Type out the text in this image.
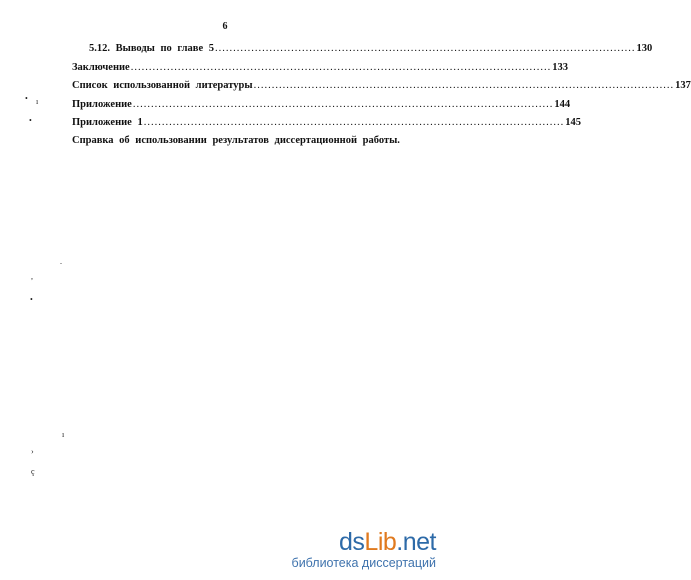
6
5.12. Выводы по главе 5 .................................................................................................................... 130
Заключение .................................................................................................................... 133
Список использованной литературы .................................................................................................................... 137
Приложение .................................................................................................................... 144
Приложение 1 .................................................................................................................... 145
Справка об использовании результатов диссертационной работы.
• ı
•
.
,
•
ı
›
ç
dsLib.net
библиотека диссертаций
